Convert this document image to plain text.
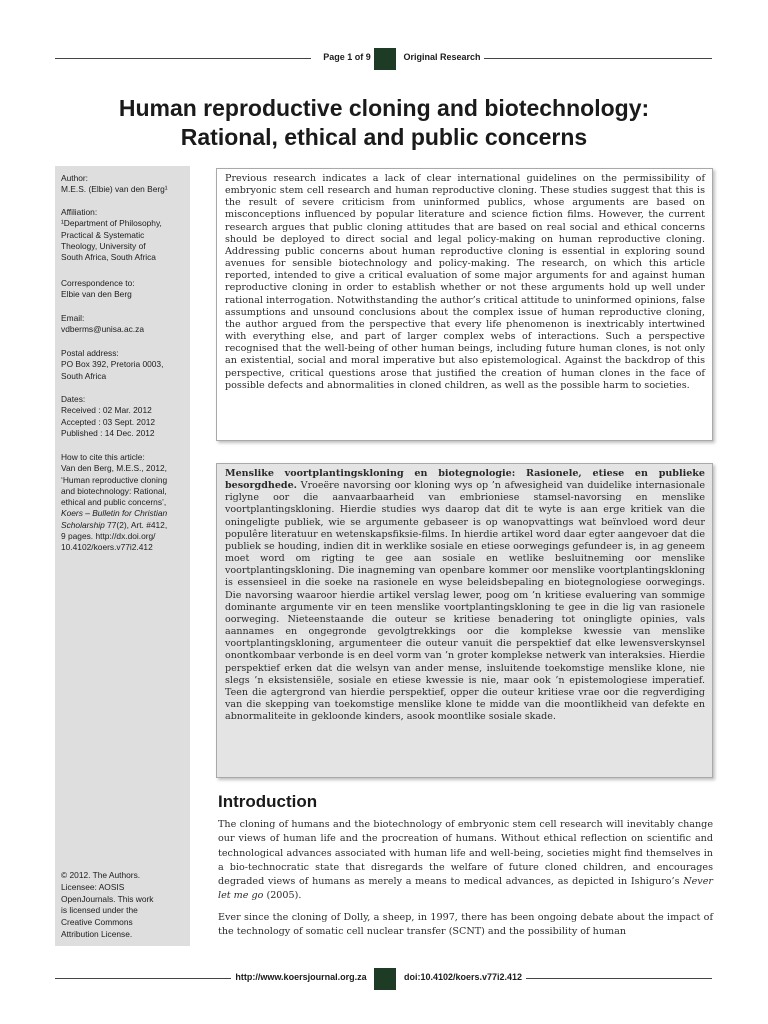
Page 1 of 9	Original Research
Human reproductive cloning and biotechnology:
Rational, ethical and public concerns
Author:
M.E.S. (Elbie) van den Berg¹
Affiliation:
¹Department of Philosophy,
Practical & Systematic
Theology, University of
South Africa, South Africa
Correspondence to:
Elbie van den Berg
Email:
vdberms@unisa.ac.za
Postal address:
PO Box 392, Pretoria 0003,
South Africa
Dates:
Received : 02 Mar. 2012
Accepted : 03 Sept. 2012
Published : 14 Dec. 2012
How to cite this article:
Van den Berg, M.E.S., 2012,
‘Human reproductive cloning
and biotechnology: Rational,
ethical and public concerns’,
Koers – Bulletin for Christian
Scholarship 77(2), Art. #412,
9 pages. http://dx.doi.org/
10.4102/koers.v77i2.412
© 2012. The Authors.
Licensee: AOSIS
OpenJournals. This work
is licensed under the
Creative Commons
Attribution License.

Previous research indicates a lack of clear international guidelines on the permissibility of embryonic stem cell research and human reproductive cloning. These studies suggest that this is the result of severe criticism from uninformed publics, whose arguments are based on misconceptions influenced by popular literature and science fiction films. However, the current research argues that public cloning attitudes that are based on real social and ethical concerns should be deployed to direct social and legal policy-making on human reproductive cloning. Addressing public concerns about human reproductive cloning is essential in exploring sound avenues for sensible biotechnology and policy-making. The research, on which this article reported, intended to give a critical evaluation of some major arguments for and against human reproductive cloning in order to establish whether or not these arguments hold up well under rational interrogation. Notwithstanding the author’s critical attitude to uninformed opinions, false assumptions and unsound conclusions about the complex issue of human reproductive cloning, the author argued from the perspective that every life phenomenon is inextricably intertwined with everything else, and part of larger complex webs of interactions. Such a perspective recognised that the well-being of other human beings, including future human clones, is not only an existential, social and moral imperative but also epistemological. Against the backdrop of this perspective, critical questions arose that justified the creation of human clones in the face of possible defects and abnormalities in cloned children, as well as the possible harm to societies.

Menslike voortplantingskloning en biotegnologie: Rasionele, etiese en publieke besorgdhede. Vroeëre navorsing oor kloning wys op ’n afwesigheid van duidelike internasionale riglyne oor die aanvaarbaarheid van embrioniese stamsel-navorsing en menslike voortplantingskloning. Hierdie studies wys daarop dat dit te wyte is aan erge kritiek van die oningeligte publiek, wie se argumente gebaseer is op wanopvattings wat beïnvloed word deur populêre literatuur en wetenskapsfiksie-films. In hierdie artikel word daar egter aangevoer dat die publiek se houding, indien dit in werklike sosiale en etiese oorwegings gefundeer is, in ag geneem moet word om rigting te gee aan sosiale en wetlike besluitneming oor menslike voortplantingskloning. Die inagneming van openbare kommer oor menslike voortplantingskloning is essensieel in die soeke na rasionele en wyse beleidsbepaling en biotegnologiese oorwegings. Die navorsing waaroor hierdie artikel verslag lewer, poog om ’n kritiese evaluering van sommige dominante argumente vir en teen menslike voortplantingskloning te gee in die lig van rasionele oorweging. Nieteenstaande die outeur se kritiese benadering tot oningligte opinies, vals aannames en ongegronde gevolgtrekkings oor die komplekse kwessie van menslike voortplantingskloning, argumenteer die outeur vanuit die perspektief dat elke lewensverskynsel onontkombaar verbonde is en deel vorm van ’n groter komplekse netwerk van interaksies. Hierdie perspektief erken dat die welsyn van ander mense, insluitende toekomstige menslike klone, nie slegs ’n eksistensiële, sosiale en etiese kwessie is nie, maar ook ’n epistemologiese imperatief. Teen die agtergrond van hierdie perspektief, opper die outeur kritiese vrae oor die regverdiging van die skepping van toekomstige menslike klone te midde van die moontlikheid van defekte en abnormaliteite in gekloonde kinders, asook moontlike sosiale skade.

Introduction

The cloning of humans and the biotechnology of embryonic stem cell research will inevitably change our views of human life and the procreation of humans. Without ethical reflection on scientific and technological advances associated with human life and well-being, societies might find themselves in a bio-technocratic state that disregards the welfare of future cloned children, and encourages degraded views of humans as merely a means to medical advances, as depicted in Ishiguro’s Never let me go (2005).

Ever since the cloning of Dolly, a sheep, in 1997, there has been ongoing debate about the impact of the technology of somatic cell nuclear transfer (SCNT) and the possibility of human

http://www.koersjournal.org.za	doi:10.4102/koers.v77i2.412
